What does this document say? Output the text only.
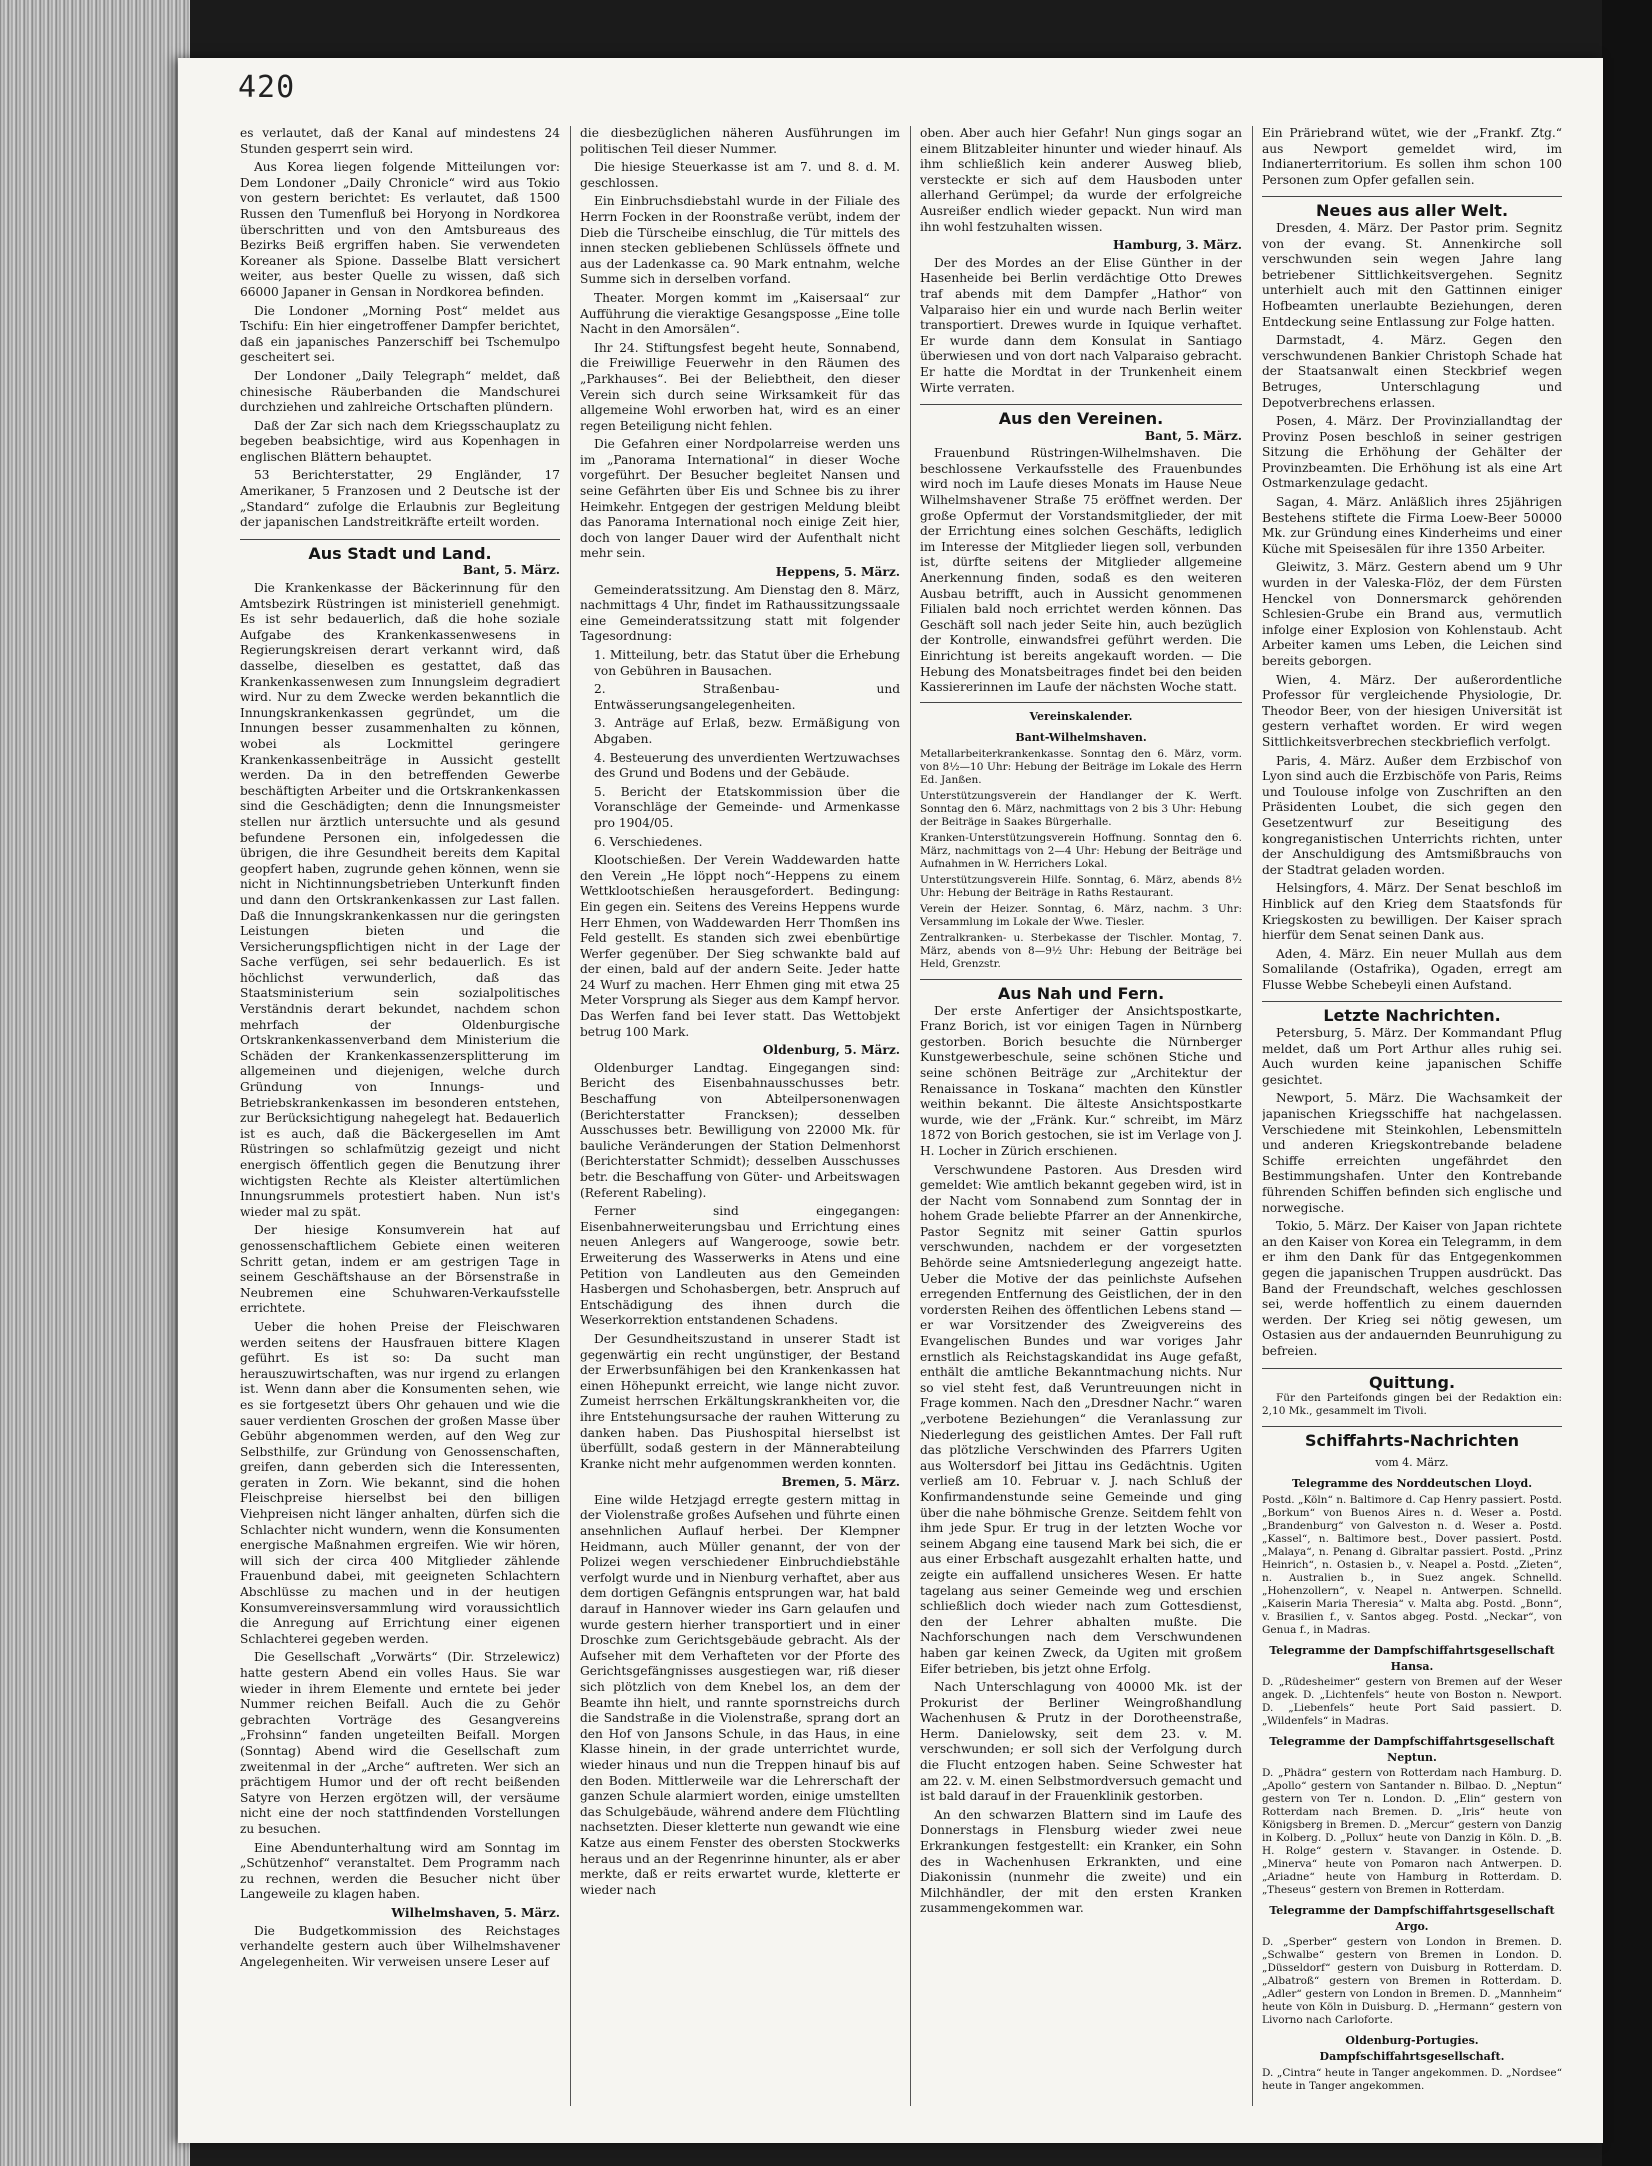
420

es verlautet, daß der Kanal auf mindestens 24 Stunden gesperrt sein wird.

Aus Korea liegen folgende Mitteilungen vor: Dem Londoner „Daily Chronicle“ wird aus Tokio von gestern berichtet: Es verlautet, daß 1500 Russen den Tumenfluß bei Horyong in Nordkorea überschritten und von den Amtsbureaus des Bezirks Beiß ergriffen haben. Sie verwendeten Koreaner als Spione. Dasselbe Blatt versichert weiter, aus bester Quelle zu wissen, daß sich 66000 Japaner in Gensan in Nordkorea befinden.

Die Londoner „Morning Post“ meldet aus Tschifu: Ein hier eingetroffener Dampfer berichtet, daß ein japanisches Panzerschiff bei Tschemulpo gescheitert sei.

Der Londoner „Daily Telegraph“ meldet, daß chinesische Räuberbanden die Mandschurei durchziehen und zahlreiche Ortschaften plündern.

Daß der Zar sich nach dem Kriegsschauplatz zu begeben beabsichtige, wird aus Kopenhagen in englischen Blättern behauptet.

53 Berichterstatter, 29 Engländer, 17 Amerikaner, 5 Franzosen und 2 Deutsche ist der „Standard“ zufolge die Erlaubnis zur Begleitung der japanischen Landstreitkräfte erteilt worden.

Aus Stadt und Land.
Bant, 5. März.

Die Krankenkasse der Bäckerinnung für den Amtsbezirk Rüstringen ist ministeriell genehmigt. Es ist sehr bedauerlich, daß die hohe soziale Aufgabe des Krankenkassenwesens in Regierungskreisen derart verkannt wird, daß dasselbe, dieselben es gestattet, daß das Krankenkassenwesen zum Innungsleim degradiert wird. Nur zu dem Zwecke werden bekanntlich die Innungskrankenkassen gegründet, um die Innungen besser zusammenhalten zu können, wobei als Lockmittel geringere Krankenkassenbeiträge in Aussicht gestellt werden. Da in den betreffenden Gewerbe beschäftigten Arbeiter und die Ortskrankenkassen sind die Geschädigten; denn die Innungsmeister stellen nur ärztlich untersuchte und als gesund befundene Personen ein, infolgedessen die übrigen, die ihre Gesundheit bereits dem Kapital geopfert haben, zugrunde gehen können, wenn sie nicht in Nichtinnungsbetrieben Unterkunft finden und dann den Ortskrankenkassen zur Last fallen. Daß die Innungskrankenkassen nur die geringsten Leistungen bieten und die Versicherungspflichtigen nicht in der Lage der Sache verfügen, sei sehr bedauerlich. Es ist höchlichst verwunderlich, daß das Staatsministerium sein sozialpolitisches Verständnis derart bekundet, nachdem schon mehrfach der Oldenburgische Ortskrankenkassenverband dem Ministerium die Schäden der Krankenkassenzersplitterung im allgemeinen und diejenigen, welche durch Gründung von Innungs- und Betriebskrankenkassen im besonderen entstehen, zur Berücksichtigung nahegelegt hat. Bedauerlich ist es auch, daß die Bäckergesellen im Amt Rüstringen so schlafmützig gezeigt und nicht energisch öffentlich gegen die Benutzung ihrer wichtigsten Rechte als Kleister altertümlichen Innungsrummels protestiert haben. Nun ist's wieder mal zu spät.

Der hiesige Konsumverein hat auf genossenschaftlichem Gebiete einen weiteren Schritt getan, indem er am gestrigen Tage in seinem Geschäftshause an der Börsenstraße in Neubremen eine Schuhwaren-Verkaufsstelle errichtete.

Ueber die hohen Preise der Fleischwaren werden seitens der Hausfrauen bittere Klagen geführt. Es ist so: Da sucht man herauszuwirtschaften, was nur irgend zu erlangen ist. Wenn dann aber die Konsumenten sehen, wie es sie fortgesetzt übers Ohr gehauen und wie die sauer verdienten Groschen der großen Masse über Gebühr abgenommen werden, auf den Weg zur Selbsthilfe, zur Gründung von Genossenschaften, greifen, dann geberden sich die Interessenten, geraten in Zorn. Wie bekannt, sind die hohen Fleischpreise hierselbst bei den billigen Viehpreisen nicht länger anhalten, dürfen sich die Schlachter nicht wundern, wenn die Konsumenten energische Maßnahmen ergreifen. Wie wir hören, will sich der circa 400 Mitglieder zählende Frauenbund dabei, mit geeigneten Schlachtern Abschlüsse zu machen und in der heutigen Konsumvereinsversammlung wird voraussichtlich die Anregung auf Errichtung einer eigenen Schlachterei gegeben werden.

Die Gesellschaft „Vorwärts“ (Dir. Strzelewicz) hatte gestern Abend ein volles Haus. Sie war wieder in ihrem Elemente und erntete bei jeder Nummer reichen Beifall. Auch die zu Gehör gebrachten Vorträge des Gesangvereins „Frohsinn“ fanden ungeteilten Beifall. Morgen (Sonntag) Abend wird die Gesellschaft zum zweitenmal in der „Arche“ auftreten. Wer sich an prächtigem Humor und der oft recht beißenden Satyre von Herzen ergötzen will, der versäume nicht eine der noch stattfindenden Vorstellungen zu besuchen.

Eine Abendunterhaltung wird am Sonntag im „Schützenhof“ veranstaltet. Dem Programm nach zu rechnen, werden die Besucher nicht über Langeweile zu klagen haben.

Wilhelmshaven, 5. März.

Die Budgetkommission des Reichstages verhandelte gestern auch über Wilhelmshavener Angelegenheiten. Wir verweisen unsere Leser auf

die diesbezüglichen näheren Ausführungen im politischen Teil dieser Nummer.

Die hiesige Steuerkasse ist am 7. und 8. d. M. geschlossen.

Ein Einbruchsdiebstahl wurde in der Filiale des Herrn Focken in der Roonstraße verübt, indem der Dieb die Türscheibe einschlug, die Tür mittels des innen stecken gebliebenen Schlüssels öffnete und aus der Ladenkasse ca. 90 Mark entnahm, welche Summe sich in derselben vorfand.

Theater. Morgen kommt im „Kaisersaal“ zur Aufführung die vieraktige Gesangsposse „Eine tolle Nacht in den Amorsälen“.

Ihr 24. Stiftungsfest begeht heute, Sonnabend, die Freiwillige Feuerwehr in den Räumen des „Parkhauses“. Bei der Beliebtheit, den dieser Verein sich durch seine Wirksamkeit für das allgemeine Wohl erworben hat, wird es an einer regen Beteiligung nicht fehlen.

Die Gefahren einer Nordpolarreise werden uns im „Panorama International“ in dieser Woche vorgeführt. Der Besucher begleitet Nansen und seine Gefährten über Eis und Schnee bis zu ihrer Heimkehr. Entgegen der gestrigen Meldung bleibt das Panorama International noch einige Zeit hier, doch von langer Dauer wird der Aufenthalt nicht mehr sein.

Heppens, 5. März.

Gemeinderatssitzung. Am Dienstag den 8. März, nachmittags 4 Uhr, findet im Rathaussitzungssaale eine Gemeinderatssitzung statt mit folgender Tagesordnung:

1. Mitteilung, betr. das Statut über die Erhebung von Gebühren in Bausachen.

2. Straßenbau- und Entwässerungsangelegenheiten.

3. Anträge auf Erlaß, bezw. Ermäßigung von Abgaben.

4. Besteuerung des unverdienten Wertzuwachses des Grund und Bodens und der Gebäude.

5. Bericht der Etatskommission über die Voranschläge der Gemeinde- und Armenkasse pro 1904/05.

6. Verschiedenes.

Klootschießen. Der Verein Waddewarden hatte den Verein „He löppt noch“-Heppens zu einem Wettklootschießen herausgefordert. Bedingung: Ein gegen ein. Seitens des Vereins Heppens wurde Herr Ehmen, von Waddewarden Herr Thomßen ins Feld gestellt. Es standen sich zwei ebenbürtige Werfer gegenüber. Der Sieg schwankte bald auf der einen, bald auf der andern Seite. Jeder hatte 24 Wurf zu machen. Herr Ehmen ging mit etwa 25 Meter Vorsprung als Sieger aus dem Kampf hervor. Das Werfen fand bei Iever statt. Das Wettobjekt betrug 100 Mark.

Oldenburg, 5. März.

Oldenburger Landtag. Eingegangen sind: Bericht des Eisenbahnausschusses betr. Beschaffung von Abteilpersonenwagen (Berichterstatter Francksen); desselben Ausschusses betr. Bewilligung von 22000 Mk. für bauliche Veränderungen der Station Delmenhorst (Berichterstatter Schmidt); desselben Ausschusses betr. die Beschaffung von Güter- und Arbeitswagen (Referent Rabeling).

Ferner sind eingegangen: Eisenbahnerweiterungsbau und Errichtung eines neuen Anlegers auf Wangerooge, sowie betr. Erweiterung des Wasserwerks in Atens und eine Petition von Landleuten aus den Gemeinden Hasbergen und Schohasbergen, betr. Anspruch auf Entschädigung des ihnen durch die Weserkorrektion entstandenen Schadens.

Der Gesundheitszustand in unserer Stadt ist gegenwärtig ein recht ungünstiger, der Bestand der Erwerbsunfähigen bei den Krankenkassen hat einen Höhepunkt erreicht, wie lange nicht zuvor. Zumeist herrschen Erkältungskrankheiten vor, die ihre Entstehungsursache der rauhen Witterung zu danken haben. Das Piushospital hierselbst ist überfüllt, sodaß gestern in der Männerabteilung Kranke nicht mehr aufgenommen werden konnten.

Bremen, 5. März.

Eine wilde Hetzjagd erregte gestern mittag in der Violenstraße großes Aufsehen und führte einen ansehnlichen Auflauf herbei. Der Klempner Heidmann, auch Müller genannt, der von der Polizei wegen verschiedener Einbruchdiebstähle verfolgt wurde und in Nienburg verhaftet, aber aus dem dortigen Gefängnis entsprungen war, hat bald darauf in Hannover wieder ins Garn gelaufen und wurde gestern hierher transportiert und in einer Droschke zum Gerichtsgebäude gebracht. Als der Aufseher mit dem Verhafteten vor der Pforte des Gerichtsgefängnisses ausgestiegen war, riß dieser sich plötzlich von dem Knebel los, an dem der Beamte ihn hielt, und rannte spornstreichs durch die Sandstraße in die Violenstraße, sprang dort an den Hof von Jansons Schule, in das Haus, in eine Klasse hinein, in der grade unterrichtet wurde, wieder hinaus und nun die Treppen hinauf bis auf den Boden. Mittlerweile war die Lehrerschaft der ganzen Schule alarmiert worden, einige umstellten das Schulgebäude, während andere dem Flüchtling nachsetzten. Dieser kletterte nun gewandt wie eine Katze aus einem Fenster des obersten Stockwerks heraus und an der Regenrinne hinunter, als er aber merkte, daß er reits erwartet wurde, kletterte er wieder nach

oben. Aber auch hier Gefahr! Nun gings sogar an einem Blitzableiter hinunter und wieder hinauf. Als ihm schließlich kein anderer Ausweg blieb, versteckte er sich auf dem Hausboden unter allerhand Gerümpel; da wurde der erfolgreiche Ausreißer endlich wieder gepackt. Nun wird man ihn wohl festzuhalten wissen.

Hamburg, 3. März.

Der des Mordes an der Elise Günther in der Hasenheide bei Berlin verdächtige Otto Drewes traf abends mit dem Dampfer „Hathor“ von Valparaiso hier ein und wurde nach Berlin weiter transportiert. Drewes wurde in Iquique verhaftet. Er wurde dann dem Konsulat in Santiago überwiesen und von dort nach Valparaiso gebracht. Er hatte die Mordtat in der Trunkenheit einem Wirte verraten.

Aus den Vereinen.
Bant, 5. März.

Frauenbund Rüstringen-Wilhelmshaven. Die beschlossene Verkaufsstelle des Frauenbundes wird noch im Laufe dieses Monats im Hause Neue Wilhelmshavener Straße 75 eröffnet werden. Der große Opfermut der Vorstandsmitglieder, der mit der Errichtung eines solchen Geschäfts, lediglich im Interesse der Mitglieder liegen soll, verbunden ist, dürfte seitens der Mitglieder allgemeine Anerkennung finden, sodaß es den weiteren Ausbau betrifft, auch in Aussicht genommenen Filialen bald noch errichtet werden können. Das Geschäft soll nach jeder Seite hin, auch bezüglich der Kontrolle, einwandsfrei geführt werden. Die Einrichtung ist bereits angekauft worden. — Die Hebung des Monatsbeitrages findet bei den beiden Kassiererinnen im Laufe der nächsten Woche statt.

Vereinskalender.
Bant-Wilhelmshaven.

Metallarbeiterkrankenkasse. Sonntag den 6. März, vorm. von 8½—10 Uhr: Hebung der Beiträge im Lokale des Herrn Ed. Janßen.

Unterstützungsverein der Handlanger der K. Werft. Sonntag den 6. März, nachmittags von 2 bis 3 Uhr: Hebung der Beiträge in Saakes Bürgerhalle.

Kranken-Unterstützungsverein Hoffnung. Sonntag den 6. März, nachmittags von 2—4 Uhr: Hebung der Beiträge und Aufnahmen in W. Herrichers Lokal.

Unterstützungsverein Hilfe. Sonntag, 6. März, abends 8½ Uhr: Hebung der Beiträge in Raths Restaurant.

Verein der Heizer. Sonntag, 6. März, nachm. 3 Uhr: Versammlung im Lokale der Wwe. Tiesler.

Zentralkranken- u. Sterbekasse der Tischler. Montag, 7. März, abends von 8—9½ Uhr: Hebung der Beiträge bei Held, Grenzstr.

Aus Nah und Fern.

Der erste Anfertiger der Ansichtspostkarte, Franz Borich, ist vor einigen Tagen in Nürnberg gestorben. Borich besuchte die Nürnberger Kunstgewerbeschule, seine schönen Stiche und seine schönen Beiträge zur „Architektur der Renaissance in Toskana“ machten den Künstler weithin bekannt. Die älteste Ansichtspostkarte wurde, wie der „Fränk. Kur.“ schreibt, im März 1872 von Borich gestochen, sie ist im Verlage von J. H. Locher in Zürich erschienen.

Verschwundene Pastoren. Aus Dresden wird gemeldet: Wie amtlich bekannt gegeben wird, ist in der Nacht vom Sonnabend zum Sonntag der in hohem Grade beliebte Pfarrer an der Annenkirche, Pastor Segnitz mit seiner Gattin spurlos verschwunden, nachdem er der vorgesetzten Behörde seine Amtsniederlegung angezeigt hatte. Ueber die Motive der das peinlichste Aufsehen erregenden Entfernung des Geistlichen, der in den vordersten Reihen des öffentlichen Lebens stand — er war Vorsitzender des Zweigvereins des Evangelischen Bundes und war voriges Jahr ernstlich als Reichstagskandidat ins Auge gefaßt, enthält die amtliche Bekanntmachung nichts. Nur so viel steht fest, daß Veruntreuungen nicht in Frage kommen. Nach den „Dresdner Nachr.“ waren „verbotene Beziehungen“ die Veranlassung zur Niederlegung des geistlichen Amtes. Der Fall ruft das plötzliche Verschwinden des Pfarrers Ugiten aus Woltersdorf bei Jittau ins Gedächtnis. Ugiten verließ am 10. Februar v. J. nach Schluß der Konfirmandenstunde seine Gemeinde und ging über die nahe böhmische Grenze. Seitdem fehlt von ihm jede Spur. Er trug in der letzten Woche vor seinem Abgang eine tausend Mark bei sich, die er aus einer Erbschaft ausgezahlt erhalten hatte, und zeigte ein auffallend unsicheres Wesen. Er hatte tagelang aus seiner Gemeinde weg und erschien schließlich doch wieder nach zum Gottesdienst, den der Lehrer abhalten mußte. Die Nachforschungen nach dem Verschwundenen haben gar keinen Zweck, da Ugiten mit großem Eifer betrieben, bis jetzt ohne Erfolg.

Nach Unterschlagung von 40000 Mk. ist der Prokurist der Berliner Weingroßhandlung Wachenhusen & Prutz in der Dorotheenstraße, Herm. Danielowsky, seit dem 23. v. M. verschwunden; er soll sich der Verfolgung durch die Flucht entzogen haben. Seine Schwester hat am 22. v. M. einen Selbstmordversuch gemacht und ist bald darauf in der Frauenklinik gestorben.

An den schwarzen Blattern sind im Laufe des Donnerstags in Flensburg wieder zwei neue Erkrankungen festgestellt: ein Kranker, ein Sohn des in Wachenhusen Erkrankten, und eine Diakonissin (nunmehr die zweite) und ein Milchhändler, der mit den ersten Kranken zusammengekommen war.

Ein Präriebrand wütet, wie der „Frankf. Ztg.“ aus Newport gemeldet wird, im Indianerterritorium. Es sollen ihm schon 100 Personen zum Opfer gefallen sein.

Neues aus aller Welt.

Dresden, 4. März. Der Pastor prim. Segnitz von der evang. St. Annenkirche soll verschwunden sein wegen Jahre lang betriebener Sittlichkeitsvergehen. Segnitz unterhielt auch mit den Gattinnen einiger Hofbeamten unerlaubte Beziehungen, deren Entdeckung seine Entlassung zur Folge hatten.

Darmstadt, 4. März. Gegen den verschwundenen Bankier Christoph Schade hat der Staatsanwalt einen Steckbrief wegen Betruges, Unterschlagung und Depotverbrechens erlassen.

Posen, 4. März. Der Provinziallandtag der Provinz Posen beschloß in seiner gestrigen Sitzung die Erhöhung der Gehälter der Provinzbeamten. Die Erhöhung ist als eine Art Ostmarkenzulage gedacht.

Sagan, 4. März. Anläßlich ihres 25jährigen Bestehens stiftete die Firma Loew-Beer 50000 Mk. zur Gründung eines Kinderheims und einer Küche mit Speisesälen für ihre 1350 Arbeiter.

Gleiwitz, 3. März. Gestern abend um 9 Uhr wurden in der Valeska-Flöz, der dem Fürsten Henckel von Donnersmarck gehörenden Schlesien-Grube ein Brand aus, vermutlich infolge einer Explosion von Kohlenstaub. Acht Arbeiter kamen ums Leben, die Leichen sind bereits geborgen.

Wien, 4. März. Der außerordentliche Professor für vergleichende Physiologie, Dr. Theodor Beer, von der hiesigen Universität ist gestern verhaftet worden. Er wird wegen Sittlichkeitsverbrechen steckbrieflich verfolgt.

Paris, 4. März. Außer dem Erzbischof von Lyon sind auch die Erzbischöfe von Paris, Reims und Toulouse infolge von Zuschriften an den Präsidenten Loubet, die sich gegen den Gesetzentwurf zur Beseitigung des kongreganistischen Unterrichts richten, unter der Anschuldigung des Amtsmißbrauchs von der Stadtrat geladen worden.

Helsingfors, 4. März. Der Senat beschloß im Hinblick auf den Krieg dem Staatsfonds für Kriegskosten zu bewilligen. Der Kaiser sprach hierfür dem Senat seinen Dank aus.

Aden, 4. März. Ein neuer Mullah aus dem Somalilande (Ostafrika), Ogaden, erregt am Flusse Webbe Schebeyli einen Aufstand.

Letzte Nachrichten.

Petersburg, 5. März. Der Kommandant Pflug meldet, daß um Port Arthur alles ruhig sei. Auch wurden keine japanischen Schiffe gesichtet.

Newport, 5. März. Die Wachsamkeit der japanischen Kriegsschiffe hat nachgelassen. Verschiedene mit Steinkohlen, Lebensmitteln und anderen Kriegskontrebande beladene Schiffe erreichten ungefährdet den Bestimmungshafen. Unter den Kontrebande führenden Schiffen befinden sich englische und norwegische.

Tokio, 5. März. Der Kaiser von Japan richtete an den Kaiser von Korea ein Telegramm, in dem er ihm den Dank für das Entgegenkommen gegen die japanischen Truppen ausdrückt. Das Band der Freundschaft, welches geschlossen sei, werde hoffentlich zu einem dauernden werden. Der Krieg sei nötig gewesen, um Ostasien aus der andauernden Beunruhigung zu befreien.

Quittung.

Für den Parteifonds gingen bei der Redaktion ein: 2,10 Mk., gesammelt im Tivoli.

Schiffahrts-Nachrichten
vom 4. März.
Telegramme des Norddeutschen Lloyd.

Postd. „Köln“ n. Baltimore d. Cap Henry passiert. Postd. „Borkum“ von Buenos Aires n. d. Weser a. Postd. „Brandenburg“ von Galveston n. d. Weser a. Postd. „Kassel“, n. Baltimore best., Dover passiert. Postd. „Malaya“, n. Penang d. Gibraltar passiert. Postd. „Prinz Heinrich“, n. Ostasien b., v. Neapel a. Postd. „Zieten“, n. Australien b., in Suez angek. Schnelld. „Hohenzollern“, v. Neapel n. Antwerpen. Schnelld. „Kaiserin Maria Theresia“ v. Malta abg. Postd. „Bonn“, v. Brasilien f., v. Santos abgeg. Postd. „Neckar“, von Genua f., in Madras.

Telegramme der Dampfschiffahrtsgesellschaft Hansa.

D. „Rüdesheimer“ gestern von Bremen auf der Weser angek. D. „Lichtenfels“ heute von Boston n. Newport. D. „Liebenfels“ heute Port Said passiert. D. „Wildenfels“ in Madras.

Telegramme der Dampfschiffahrtsgesellschaft Neptun.

D. „Phädra“ gestern von Rotterdam nach Hamburg. D. „Apollo“ gestern von Santander n. Bilbao. D. „Neptun“ gestern von Ter n. London. D. „Elin“ gestern von Rotterdam nach Bremen. D. „Iris“ heute von Königsberg in Bremen. D. „Mercur“ gestern von Danzig in Kolberg. D. „Pollux“ heute von Danzig in Köln. D. „B. H. Rolge“ gestern v. Stavanger. in Ostende. D. „Minerva“ heute von Pomaron nach Antwerpen. D. „Ariadne“ heute von Hamburg in Rotterdam. D. „Theseus“ gestern von Bremen in Rotterdam.

Telegramme der Dampfschiffahrtsgesellschaft Argo.

D. „Sperber“ gestern von London in Bremen. D. „Schwalbe“ gestern von Bremen in London. D. „Düsseldorf“ gestern von Duisburg in Rotterdam. D. „Albatroß“ gestern von Bremen in Rotterdam. D. „Adler“ gestern von London in Bremen. D. „Mannheim“ heute von Köln in Duisburg. D. „Hermann“ gestern von Livorno nach Carloforte.

Oldenburg-Portugies. Dampfschiffahrtsgesellschaft.

D. „Cintra“ heute in Tanger angekommen. D. „Nordsee“ heute in Tanger angekommen.
